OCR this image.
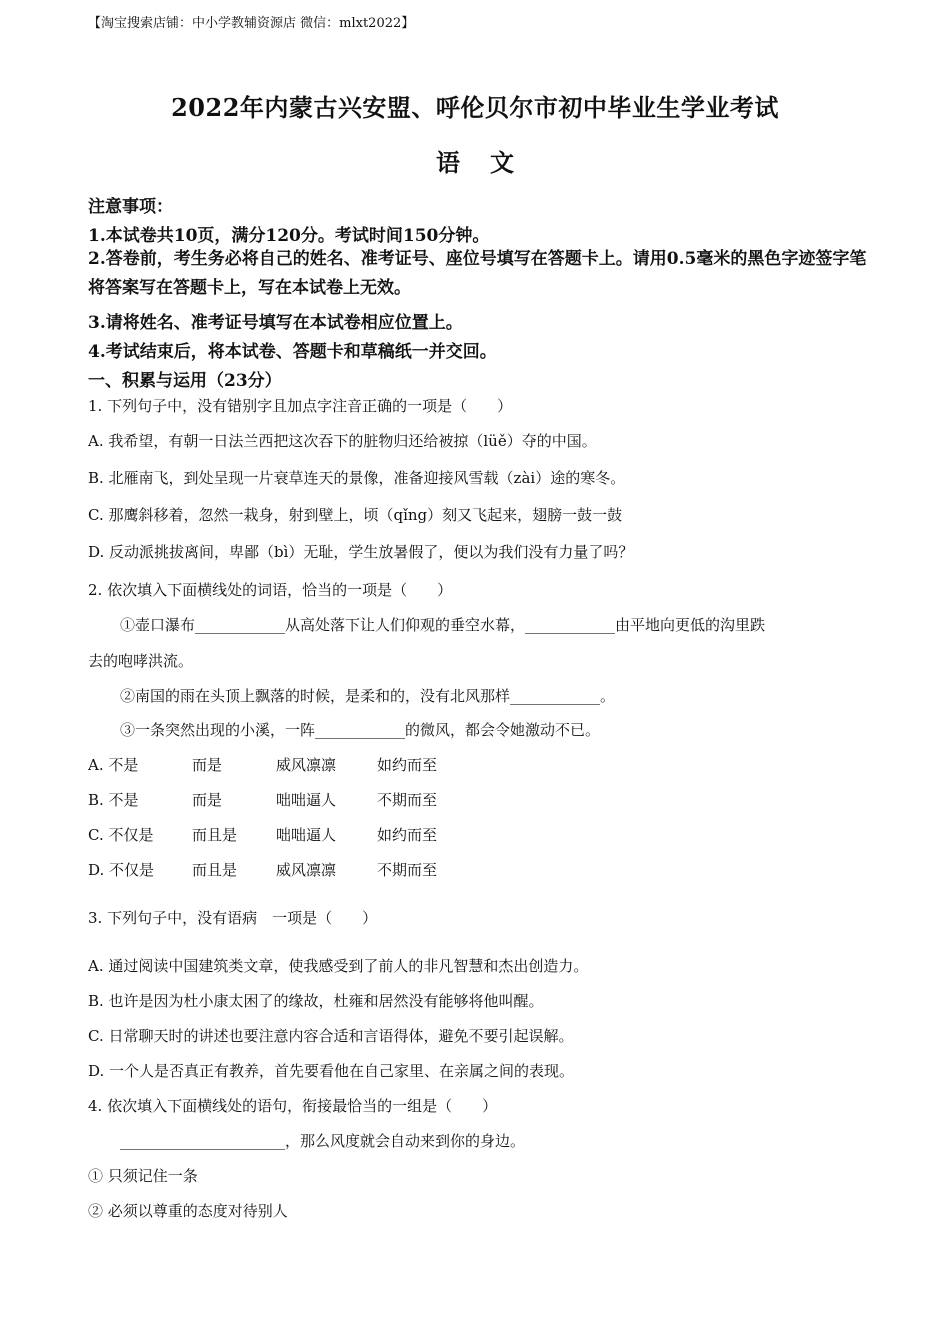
【淘宝搜索店铺：中小学教辅资源店 微信：mlxt2022】
2022年内蒙古兴安盟、呼伦贝尔市初中毕业生学业考试
语文
注意事项：
1.本试卷共10页，满分120分。考试时间150分钟。
2.答卷前，考生务必将自己的姓名、准考证号、座位号填写在答题卡上。请用0.5毫米的黑色字迹签字笔将答案写在答题卡上，写在本试卷上无效。
3.请将姓名、准考证号填写在本试卷相应位置上。
4.考试结束后，将本试卷、答题卡和草稿纸一并交回。
一、积累与运用（23分）
1. 下列句子中，没有错别字且加点字注音正确的一项是（　　）
A. 我希望，有朝一日法兰西把这次吞下的脏物归还给被掠（lüě）夺的中国。
B. 北雁南飞，到处呈现一片衰草连天的景像，准备迎接风雪载（zài）途的寒冬。
C. 那鹰斜移着，忽然一栽身，射到壁上，顷（qǐng）刻又飞起来，翅膀一鼓一鼓
D. 反动派挑拔离间，卑鄙（bì）无耻，学生放暑假了，便以为我们没有力量了吗？
2. 依次填入下面横线处的词语，恰当的一项是（　　）
①壶口瀑布____________从高处落下让人们仰观的垂空水幕，____________由平地向更低的沟里跌
去的咆哮洪流。
②南国的雨在头顶上飘落的时候，是柔和的，没有北风那样____________。
③一条突然出现的小溪，一阵____________的微风，都会令她激动不已。
A. 不是	而是	威风凛凛	如约而至
B. 不是	而是	咄咄逼人	不期而至
C. 不仅是	而且是	咄咄逼人	如约而至
D. 不仅是	而且是	威风凛凛	不期而至
3. 下列句子中，没有语病　一项是（　　）
A. 通过阅读中国建筑类文章，使我感受到了前人的非凡智慧和杰出创造力。
B. 也许是因为杜小康太困了的缘故，杜雍和居然没有能够将他叫醒。
C. 日常聊天时的讲述也要注意内容合适和言语得体，避免不要引起误解。
D. 一个人是否真正有教养，首先要看他在自己家里、在亲属之间的表现。
4. 依次填入下面横线处的语句，衔接最恰当的一组是（　　）
______________________，那么风度就会自动来到你的身边。
① 只须记住一条
② 必须以尊重的态度对待别人
